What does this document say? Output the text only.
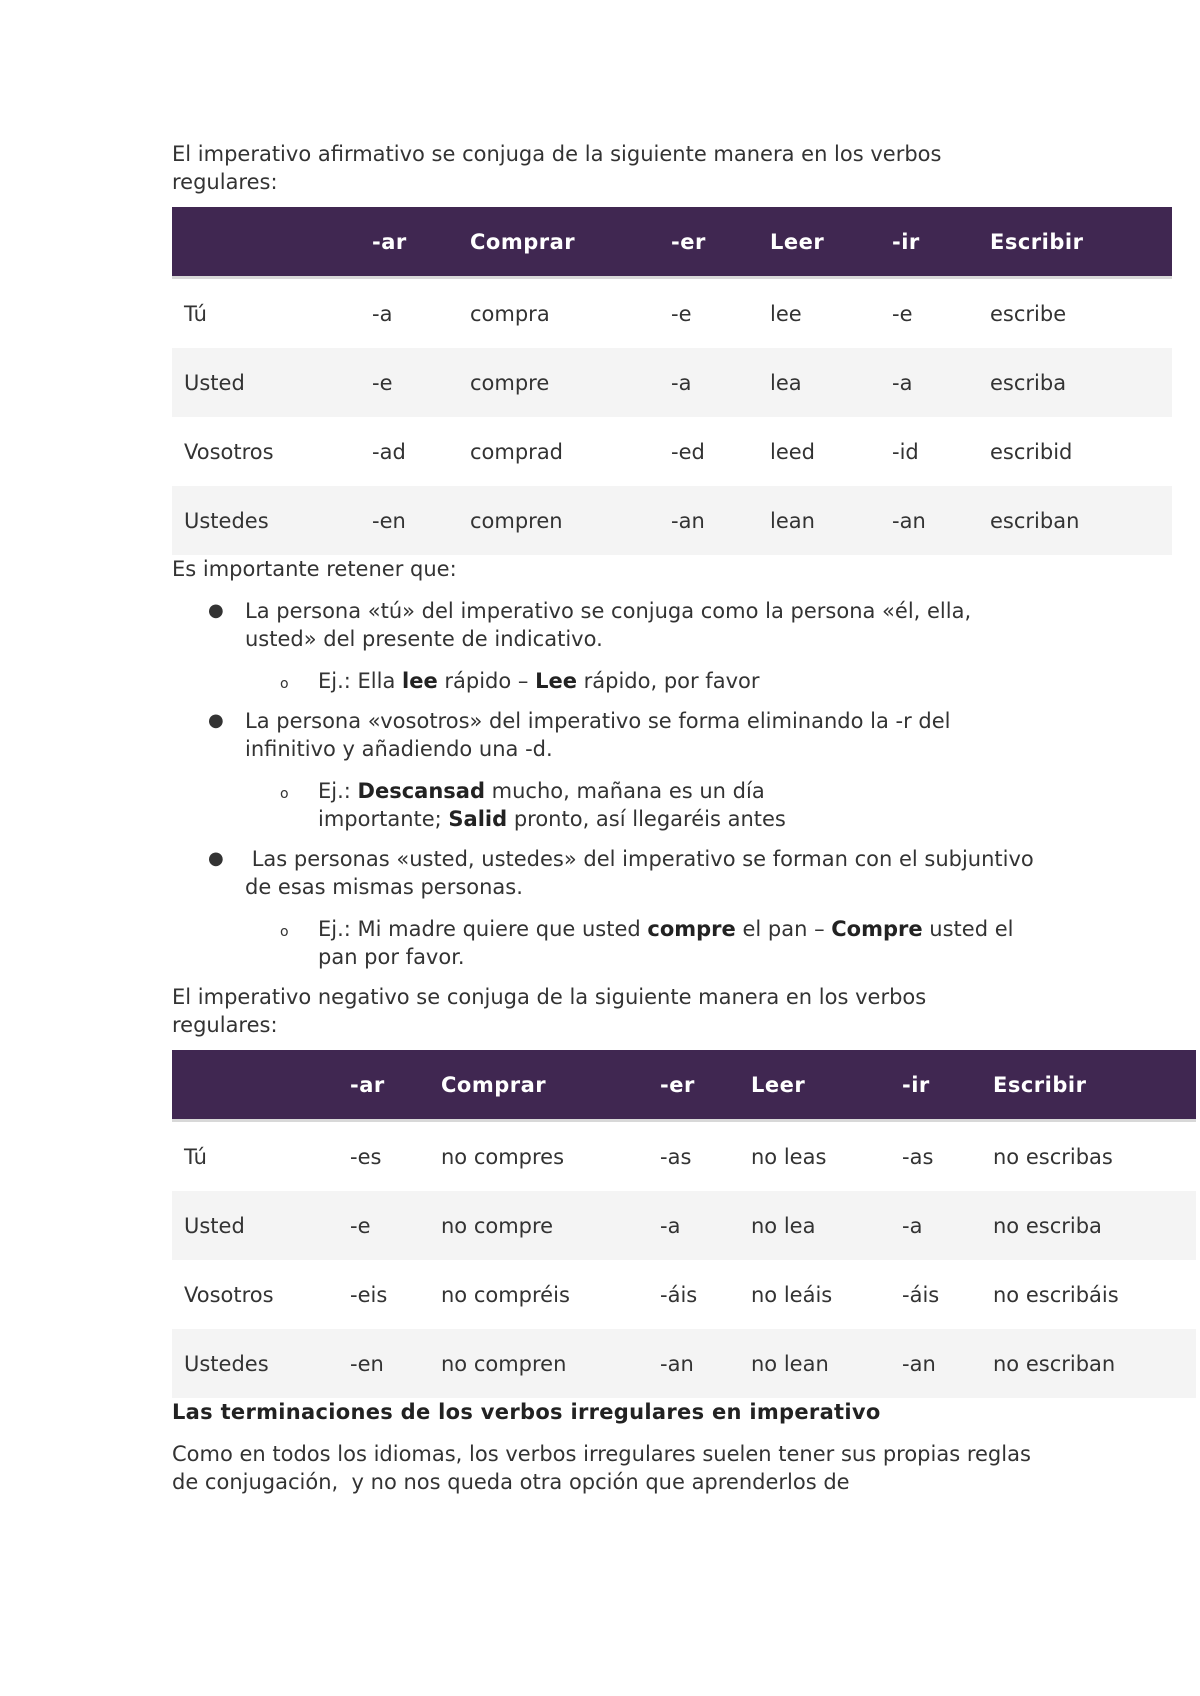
El imperativo afirmativo se conjuga de la siguiente manera en los verbos regulares:

	-ar	Comprar	-er	Leer	-ir	Escribir
Tú	-a	compra	-e	lee	-e	escribe
Usted	-e	compre	-a	lea	-a	escriba
Vosotros	-ad	comprad	-ed	leed	-id	escribid
Ustedes	-en	compren	-an	lean	-an	escriban

Es importante retener que:

● La persona «tú» del imperativo se conjuga como la persona «él, ella, usted» del presente de indicativo.

o Ej.: Ella lee rápido – Lee rápido, por favor

● La persona «vosotros» del imperativo se forma eliminando la -r del infinitivo y añadiendo una -d.

o Ej.: Descansad mucho, mañana es un día importante; Salid pronto, así llegaréis antes

● Las personas «usted, ustedes» del imperativo se forman con el subjuntivo de esas mismas personas.

o Ej.: Mi madre quiere que usted compre el pan – Compre usted el pan por favor.

El imperativo negativo se conjuga de la siguiente manera en los verbos regulares:

	-ar	Comprar	-er	Leer	-ir	Escribir
Tú	-es	no compres	-as	no leas	-as	no escribas
Usted	-e	no compre	-a	no lea	-a	no escriba
Vosotros	-eis	no compréis	-áis	no leáis	-áis	no escribáis
Ustedes	-en	no compren	-an	no lean	-an	no escriban
Las terminaciones de los verbos irregulares en imperativo

Como en todos los idiomas, los verbos irregulares suelen tener sus propias reglas de conjugación,  y no nos queda otra opción que aprenderlos de
